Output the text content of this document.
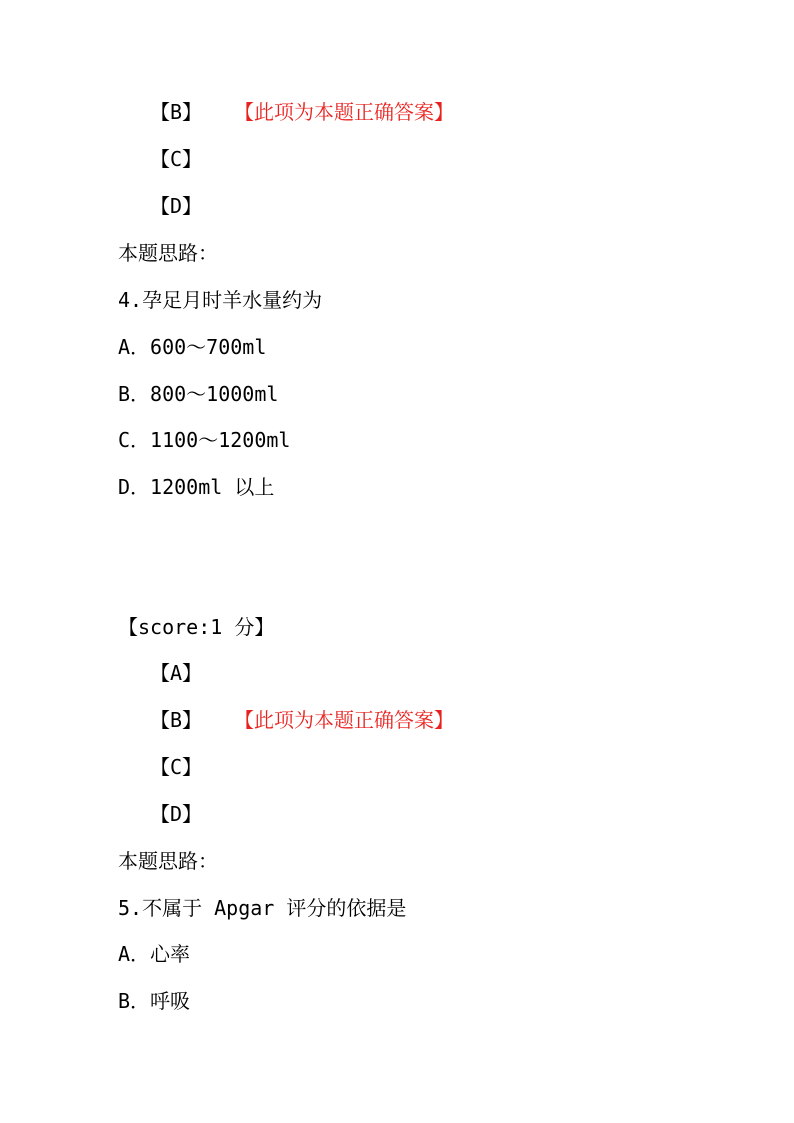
【B】 【此项为本题正确答案】
【C】
【D】
本题思路：
4.孕足月时羊水量约为
A．600～700ml
B．800～1000ml
C．1100～1200ml
D．1200ml 以上
【score:1 分】
【A】
【B】 【此项为本题正确答案】
【C】
【D】
本题思路：
5.不属于 Apgar 评分的依据是
A．心率
B．呼吸
